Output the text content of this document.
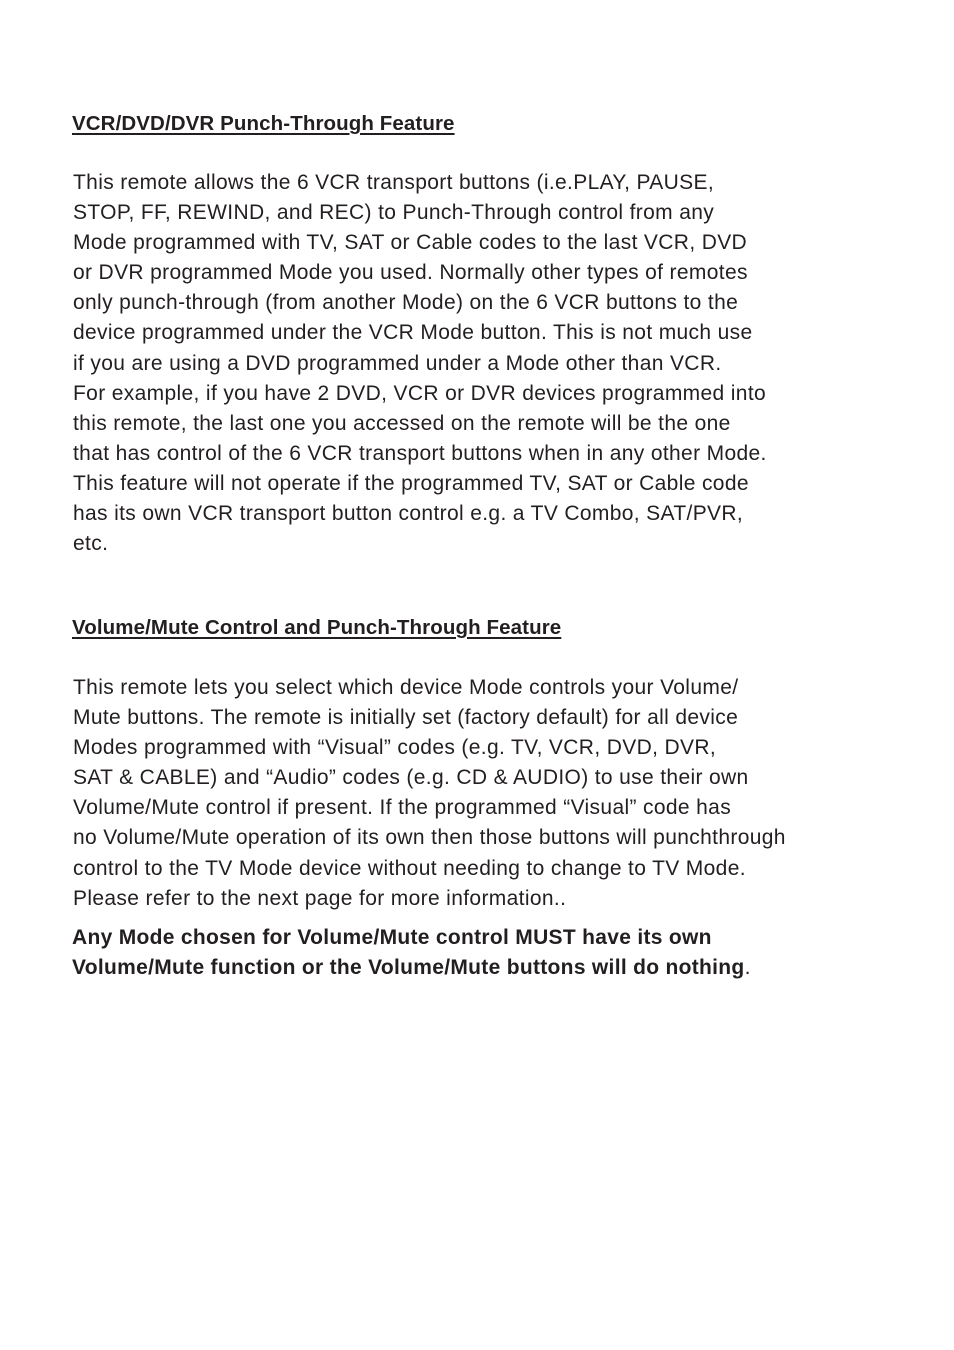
VCR/DVD/DVR Punch-Through Feature
This remote allows the 6 VCR transport buttons (i.e.PLAY, PAUSE,
STOP, FF, REWIND, and REC) to Punch-Through control from any
Mode programmed with TV, SAT or Cable codes to the last VCR, DVD
or DVR programmed Mode you used. Normally other types of remotes
only punch-through (from another Mode) on the 6 VCR buttons to the
device programmed under the VCR Mode button. This is not much use
if you are using a DVD programmed under a Mode other than VCR.
For example, if you have 2 DVD, VCR or DVR devices programmed into
this remote, the last one you accessed on the remote will be the one
that has control of the 6 VCR transport buttons when in any other Mode.
This feature will not operate if the programmed TV, SAT or Cable code
has its own VCR transport button control e.g. a TV Combo, SAT/PVR,
etc.
Volume/Mute Control and Punch-Through Feature
This remote lets you select which device Mode controls your Volume/
Mute buttons. The remote is initially set (factory default) for all device
Modes programmed with “Visual” codes (e.g. TV, VCR, DVD, DVR,
SAT & CABLE) and “Audio” codes (e.g. CD & AUDIO) to use their own
Volume/Mute control if present. If the programmed “Visual” code has
no Volume/Mute operation of its own then those buttons will punchthrough
control to the TV Mode device without needing to change to TV Mode.
Please refer to the next page for more information..
Any Mode chosen for Volume/Mute control MUST have its own
Volume/Mute function or the Volume/Mute buttons will do nothing.
